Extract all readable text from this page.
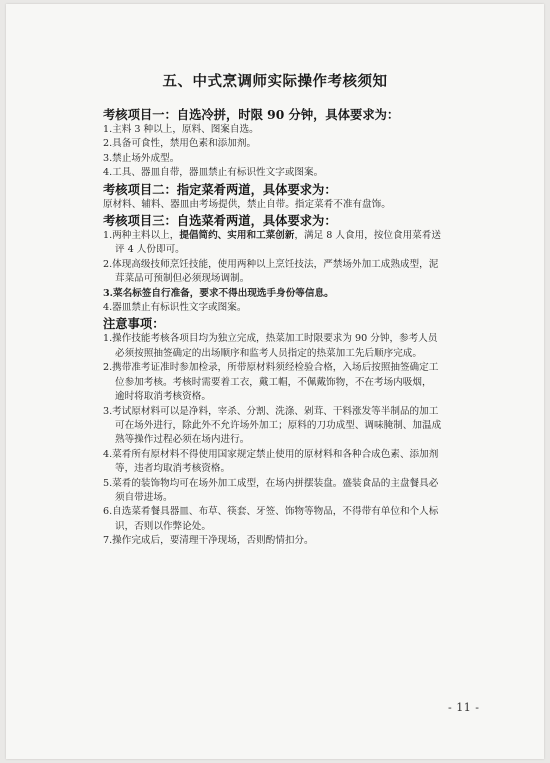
五、中式烹调师实际操作考核须知
考核项目一：自选冷拼，时限 90 分钟，具体要求为：

1.主料 3 种以上，原料、图案自选。

2.具备可食性，禁用色素和添加剂。

3.禁止场外成型。

4.工具、器皿自带，器皿禁止有标识性文字或图案。

考核项目二：指定菜肴两道，具体要求为：

原材料、辅料、器皿由考场提供，禁止自带。指定菜肴不准有盘饰。

考核项目三：自选菜肴两道，具体要求为：

1.两种主料以上，提倡简约、实用和工菜创新，满足 8 人食用，按位食用菜肴送

评 4 人份即可。

2.体现高级技师烹饪技能，使用两种以上烹饪技法，严禁场外加工成熟成型，泥

茸菜品可预制但必须现场调制。

3.菜名标签自行准备，要求不得出现选手身份等信息。

4.器皿禁止有标识性文字或图案。

注意事项：

1.操作技能考核各项目均为独立完成，热菜加工时限要求为 90 分钟，参考人员

必须按照抽签确定的出场顺序和监考人员指定的热菜加工先后顺序完成。

2.携带准考证准时参加检录，所带原材料须经检验合格，入场后按照抽签确定工

位参加考核。考核时需要着工衣，戴工帽，不佩戴饰物，不在考场内吸烟，

逾时将取消考核资格。

3.考试原材料可以是净料，宰杀、分割、洗涤、剁茸、干料涨发等半制品的加工

可在场外进行，除此外不允许场外加工；原料的刀功成型、调味腌制、加温成

熟等操作过程必须在场内进行。

4.菜肴所有原材料不得使用国家规定禁止使用的原材料和各种合成色素、添加剂

等，违者均取消考核资格。

5.菜肴的装饰物均可在场外加工成型，在场内拼摆装盘。盛装食品的主盘餐具必

须自带进场。

6.自选菜肴餐具器皿、布草、筷套、牙签、饰物等物品，不得带有单位和个人标

识，否则以作弊论处。

7.操作完成后，要清理干净现场，否则酌情扣分。

- 11 -
